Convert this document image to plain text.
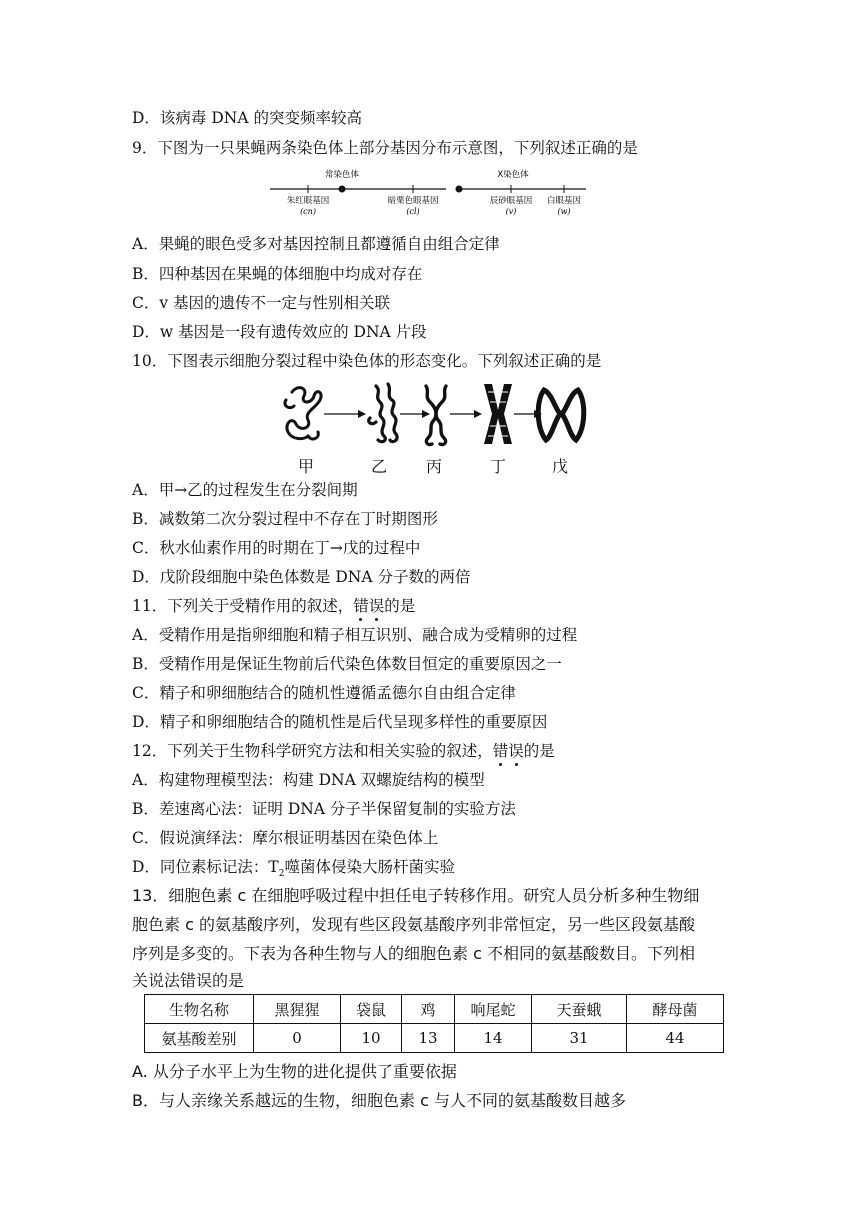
D．该病毒 DNA 的突变频率较高
9．下图为一只果蝇两条染色体上部分基因分布示意图，下列叙述正确的是
常染色体
朱红眼基因
(cn)
暗栗色眼基因
(cl)
X染色体
辰砂眼基因
(v)
白眼基因
(w)
A．果蝇的眼色受多对基因控制且都遵循自由组合定律
B．四种基因在果蝇的体细胞中均成对存在
C．v 基因的遗传不一定与性别相关联
D．w 基因是一段有遗传效应的 DNA 片段
10．下图表示细胞分裂过程中染色体的形态变化。下列叙述正确的是
甲	乙 丙	丁	戊
A．甲→乙的过程发生在分裂间期
B．减数第二次分裂过程中不存在丁时期图形
C．秋水仙素作用的时期在丁→戊的过程中
D．戊阶段细胞中染色体数是 DNA 分子数的两倍
11．下列关于受精作用的叙述，错误的是
A．受精作用是指卵细胞和精子相互识别、融合成为受精卵的过程
B．受精作用是保证生物前后代染色体数目恒定的重要原因之一
C．精子和卵细胞结合的随机性遵循孟德尔自由组合定律
D．精子和卵细胞结合的随机性是后代呈现多样性的重要原因
12．下列关于生物科学研究方法和相关实验的叙述，错误的是
A．构建物理模型法：构建 DNA 双螺旋结构的模型
B．差速离心法：证明 DNA 分子半保留复制的实验方法
C．假说演绎法：摩尔根证明基因在染色体上
D．同位素标记法：$T_2$噬菌体侵染大肠杆菌实验
13．细胞色素 c 在细胞呼吸过程中担任电子转移作用。研究人员分析多种生物细
胞色素 c 的氨基酸序列，发现有些区段氨基酸序列非常恒定，另一些区段氨基酸
序列是多变的。下表为各种生物与人的细胞色素 c 不相同的氨基酸数目。下列相
关说法错误的是
生物名称	黑猩猩	袋鼠	鸡	响尾蛇	天蚕蛾	酵母菌
氨基酸差别	0	10	13	14	31	44
A. 从分子水平上为生物的进化提供了重要依据
B．与人亲缘关系越远的生物，细胞色素 c 与人不同的氨基酸数目越多
